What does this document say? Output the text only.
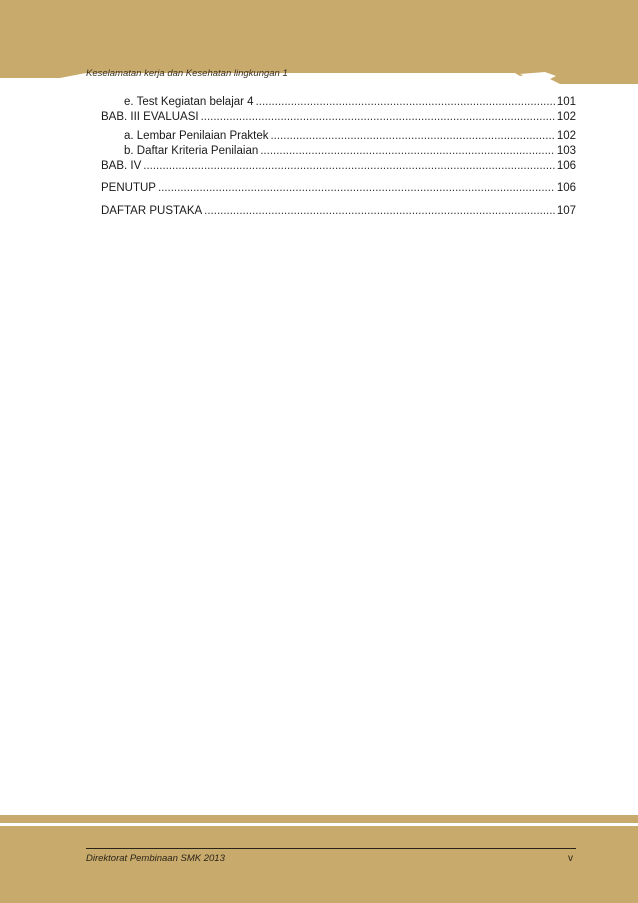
Keselamatan kerja dan Kesehatan lingkungan 1
e. Test Kegiatan belajar 4 .....	101
BAB. III EVALUASI .....	102
a. Lembar Penilaian Praktek .....	102
b. Daftar Kriteria Penilaian .....	103
BAB. IV .....	106
PENUTUP .....	106
DAFTAR PUSTAKA .....	107
Direktorat Pembinaan SMK 2013	v
